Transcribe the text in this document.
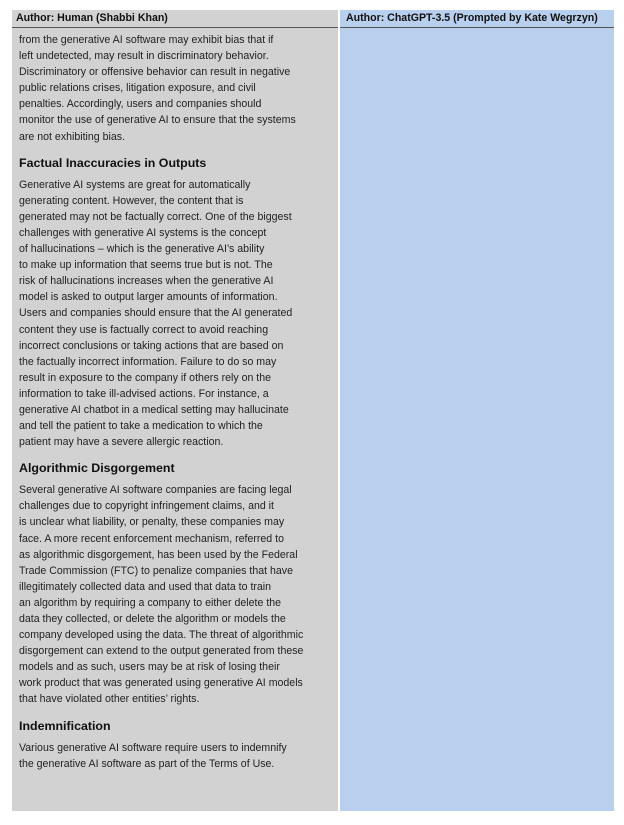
Author: Human (Shabbi Khan)

from the generative AI software may exhibit bias that if
left undetected, may result in discriminatory behavior.
Discriminatory or offensive behavior can result in negative
public relations crises, litigation exposure, and civil
penalties. Accordingly, users and companies should
monitor the use of generative AI to ensure that the systems
are not exhibiting bias.

Factual Inaccuracies in Outputs

Generative AI systems are great for automatically
generating content. However, the content that is
generated may not be factually correct. One of the biggest
challenges with generative AI systems is the concept
of hallucinations – which is the generative AI’s ability
to make up information that seems true but is not. The
risk of hallucinations increases when the generative AI
model is asked to output larger amounts of information.
Users and companies should ensure that the AI generated
content they use is factually correct to avoid reaching
incorrect conclusions or taking actions that are based on
the factually incorrect information. Failure to do so may
result in exposure to the company if others rely on the
information to take ill-advised actions. For instance, a
generative AI chatbot in a medical setting may hallucinate
and tell the patient to take a medication to which the
patient may have a severe allergic reaction.

Algorithmic Disgorgement

Several generative AI software companies are facing legal
challenges due to copyright infringement claims, and it
is unclear what liability, or penalty, these companies may
face. A more recent enforcement mechanism, referred to
as algorithmic disgorgement, has been used by the Federal
Trade Commission (FTC) to penalize companies that have
illegitimately collected data and used that data to train
an algorithm by requiring a company to either delete the
data they collected, or delete the algorithm or models the
company developed using the data. The threat of algorithmic
disgorgement can extend to the output generated from these
models and as such, users may be at risk of losing their
work product that was generated using generative AI models
that have violated other entities’ rights.

Indemnification

Various generative AI software require users to indemnify
the generative AI software as part of the Terms of Use.

Author: ChatGPT-3.5 (Prompted by Kate Wegrzyn)
